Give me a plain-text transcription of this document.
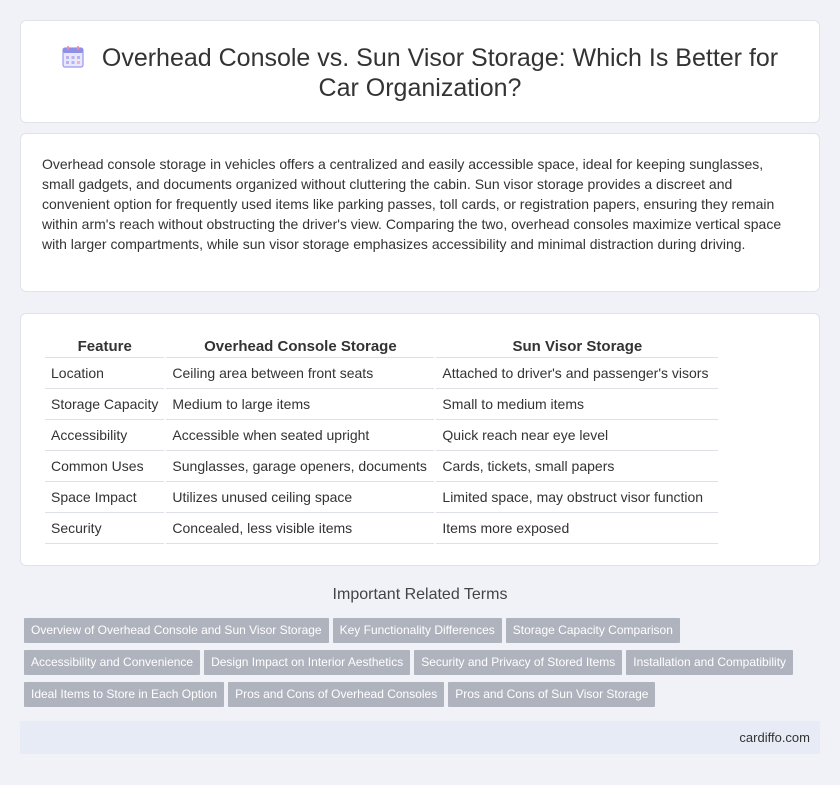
Overhead Console vs. Sun Visor Storage: Which Is Better for Car Organization?

Overhead console storage in vehicles offers a centralized and easily accessible space, ideal for keeping sunglasses, small gadgets, and documents organized without cluttering the cabin. Sun visor storage provides a discreet and convenient option for frequently used items like parking passes, toll cards, or registration papers, ensuring they remain within arm's reach without obstructing the driver's view. Comparing the two, overhead consoles maximize vertical space with larger compartments, while sun visor storage emphasizes accessibility and minimal distraction during driving.

Feature	Overhead Console Storage	Sun Visor Storage
Location	Ceiling area between front seats	Attached to driver's and passenger's visors
Storage Capacity	Medium to large items	Small to medium items
Accessibility	Accessible when seated upright	Quick reach near eye level
Common Uses	Sunglasses, garage openers, documents	Cards, tickets, small papers
Space Impact	Utilizes unused ceiling space	Limited space, may obstruct visor function
Security	Concealed, less visible items	Items more exposed
Important Related Terms
Overview of Overhead Console and Sun Visor Storage Key Functionality Differences Storage Capacity Comparison
Accessibility and Convenience Design Impact on Interior Aesthetics Security and Privacy of Stored Items Installation and Compatibility
Ideal Items to Store in Each Option Pros and Cons of Overhead Consoles Pros and Cons of Sun Visor Storage
cardiffo.com
